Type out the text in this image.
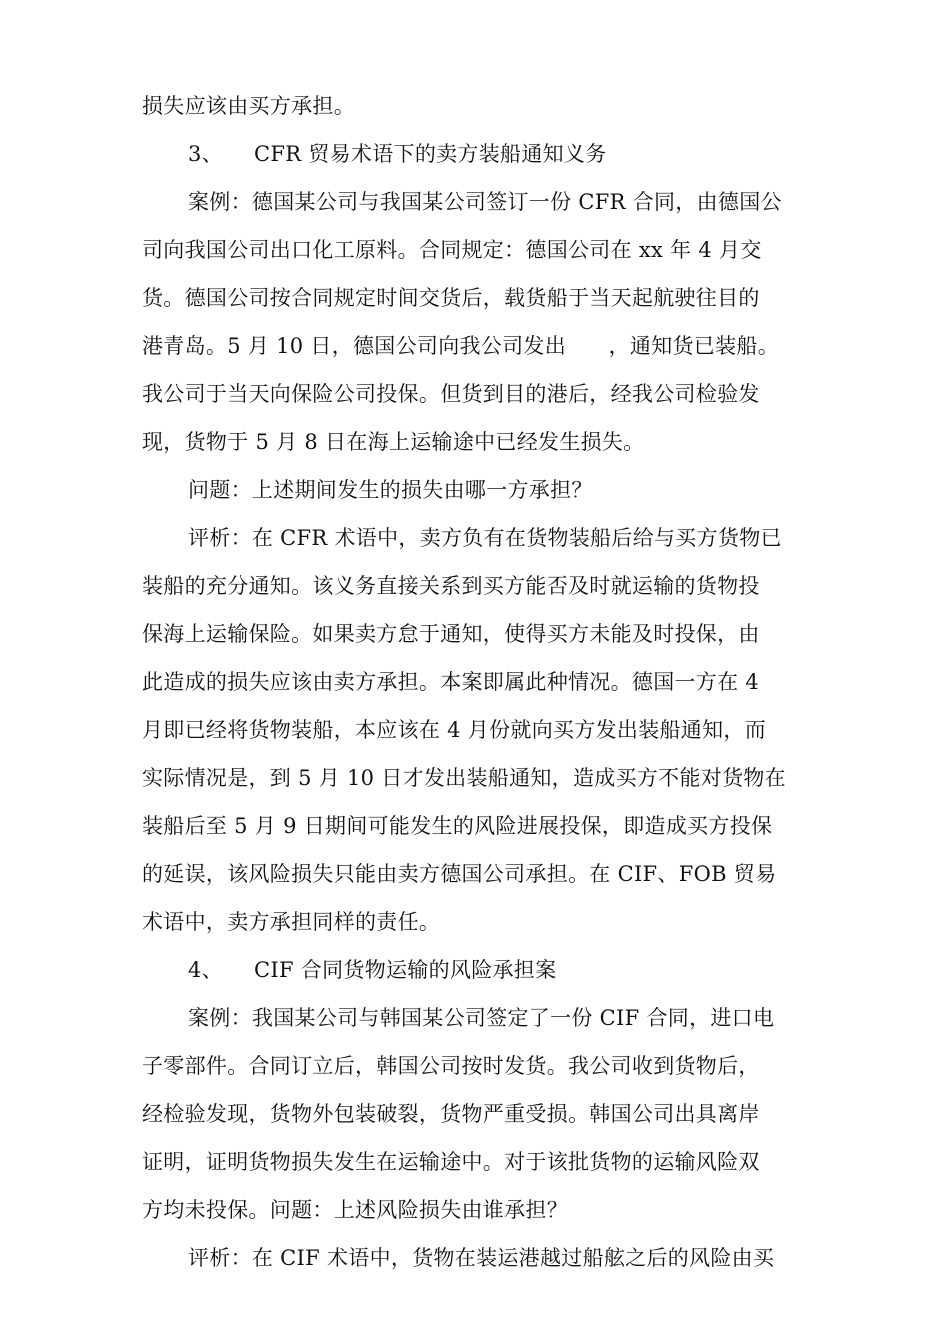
损失应该由买方承担。
3、 CFR 贸易术语下的卖方装船通知义务
案例：德国某公司与我国某公司签订一份 CFR 合同，由德国公
司向我国公司出口化工原料。合同规定：德国公司在 xx 年 4 月交
货。德国公司按合同规定时间交货后，载货船于当天起航驶往目的
港青岛。5 月 10 日，德国公司向我公司发出　　，通知货已装船。
我公司于当天向保险公司投保。但货到目的港后，经我公司检验发
现，货物于 5 月 8 日在海上运输途中已经发生损失。
问题：上述期间发生的损失由哪一方承担？
评析：在 CFR 术语中，卖方负有在货物装船后给与买方货物已
装船的充分通知。该义务直接关系到买方能否及时就运输的货物投
保海上运输保险。如果卖方怠于通知，使得买方未能及时投保，由
此造成的损失应该由卖方承担。本案即属此种情况。德国一方在 4
月即已经将货物装船，本应该在 4 月份就向买方发出装船通知，而
实际情况是，到 5 月 10 日才发出装船通知，造成买方不能对货物在
装船后至 5 月 9 日期间可能发生的风险进展投保，即造成买方投保
的延误，该风险损失只能由卖方德国公司承担。在 CIF、FOB 贸易
术语中，卖方承担同样的责任。
4、 CIF 合同货物运输的风险承担案
案例：我国某公司与韩国某公司签定了一份 CIF 合同，进口电
子零部件。合同订立后，韩国公司按时发货。我公司收到货物后，
经检验发现，货物外包装破裂，货物严重受损。韩国公司出具离岸
证明，证明货物损失发生在运输途中。对于该批货物的运输风险双
方均未投保。问题：上述风险损失由谁承担？
评析：在 CIF 术语中，货物在装运港越过船舷之后的风险由买
